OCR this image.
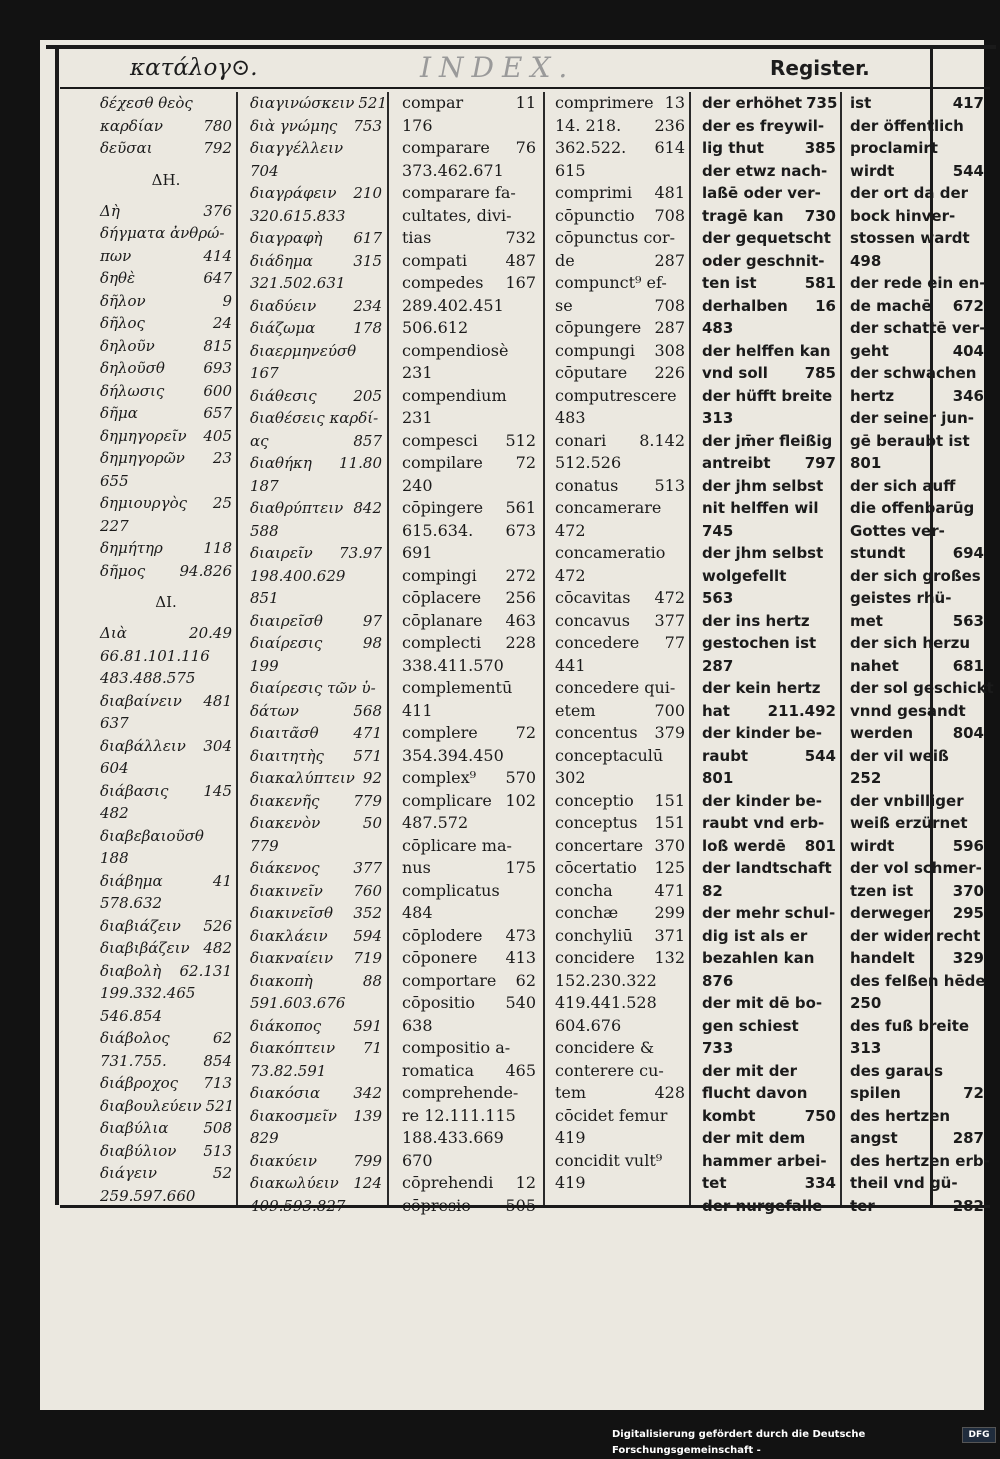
κατάλογ⊙.	INDEX.	Register.
δέχεσθ θεὸς
καρδίαν	780
δεῦσαι	792
ΔΗ.
Δὴ	376
δήγματα ἀνθρώ-
πων	414
δηθὲ	647
δῆλον	9
δῆλος	24
δηλοῦν	815
δηλοῦσθ	693
δήλωσις	600
δῆμα	657
δημηγορεῖν 405
δημηγορῶν 23
655
δημιουργὸς 25
227
δημήτηρ	118
δῆμος 94.826
ΔΙ.
Διὰ	20.49
66.81.101.116
483.488.575
διαβαίνειν 481
637
διαβάλλειν 304
604
διάβασις 145
482
διαβεβαιοῦσθ
188
διάβημα	41
578.632
διαβιάζειν 526
διαβιβάζειν 482
διαβολὴ 62.131
199.332.465
546.854
διάβολος	62
731.755. 854
διάβροχος 713
διαβουλεύειν 521
διαβύλια 508
διαβύλιον 513
διάγειν	52
259.597.660
διαγινώσκειν 521
διὰ γνώμης 753
διαγγέλλειν
704
διαγράφειν 210
320.615.833
διαγραφὴ 617
διάδημα	315
321.502.631
διαδύειν 234
διάζωμα	178
διαερμηνεύσθ
167
διάθεσις 205
διαθέσεις καρδί-
ας	857
διαθήκη 11.80
187
διαθρύπτειν 842
588
διαιρεῖν 73.97
198.400.629
851
διαιρεῖσθ	97
διαίρεσις	98
199
διαίρεσις τῶν ὑ-
δάτων	568
διαιτᾶσθ 471
διαιτητὴς 571
διακαλύπτειν 92
διακενῆς 779
διακενὸν	50
779
διάκενος 377
διακινεῖν 760
διακινεῖσθ 352
διακλάειν 594
διακναίειν 719
διακοπὴ	88
591.603.676
διάκοπος 591
διακόπτειν 71
73.82.591
διακόσια 342
διακοσμεῖν 139
829
διακύειν 799
διακωλύειν 124
409.593.827
compar	11
176
comparare 76
373.462.671
comparare fa-
cultates, divi-
tias	732
compati 487
compedes 167
289.402.451
506.612
compendiosè
231
compendium
231
compesci 512
compilare 72
240
cōpingere 561
615.634. 673
691
compingi 272
cōplacere 256
cōplanare 463
complecti 228
338.411.570
complementū
411
complere 72
354.394.450
complex⁹ 570
complicare 102
487.572
cōplicare ma-
nus	175
complicatus
484
cōplodere 473
cōponere 413
comportare 62
cōpositio 540
638
compositio a-
romatica 465
comprehende-
re 12.111.115
188.433.669
670
cōprehendi 12
cōpresio 505
comprimere 13
14. 218. 236
362.522. 614
615
comprimi 481
cōpunctio 708
cōpunctus cor-
de	287
compunct⁹ ef-
se	708
cōpungere 287
compungi 308
cōputare 226
computrescere
483
conari 8.142
512.526
conatus 513
concamerare
472
concameratio
472
cōcavitas 472
concavus 377
concedere 77
441
concedere qui-
etem	700
concentus 379
conceptaculū
302
conceptio 151
conceptus 151
concertare 370
cōcertatio 125
concha	471
conchæ 299
conchyliū 371
concidere 132
152.230.322
419.441.528
604.676
concidere &
conterere cu-
tem	428
cōcidet femur
419
concidit vult⁹
419
der erhöhet 735
der es freywil-
lig thut	385
der etwz nach-
laßē oder ver-
tragē kan 730
der gequetscht
oder geschnit-
ten ist	581
derhalben 16
483
der helffen kan
vnd soll 785
der hüfft breite
313
der jm̄er fleißig
antreibt 797
der jhm selbst
nit helffen wil
745
der jhm selbst
wolgefellt
563
der ins hertz
gestochen ist
287
der kein hertz
hat	211.492
der kinder be-
raubt	544
801
der kinder be-
raubt vnd erb-
loß werdē 801
der landtschaft
82
der mehr schul-
dig ist als er
bezahlen kan
876
der mit dē bo-
gen schiest
733
der mit der
flucht davon
kombt	750
der mit dem
hammer arbei-
tet	334
der nurgefalle
ist	417
der öffentlich
proclamirt
wirdt	544
der ort da der
bock hinver-
stossen wardt
498
der rede ein en-
de machē 672
der schattē ver-
geht	404
der schwachen
hertz	346
der seiner jun-
gē beraubt ist
801
der sich auff
die offenbarūg
Gottes ver-
stundt	694
der sich großes
geistes rhü-
met	563
der sich herzu
nahet	681
der sol geschickt
vnnd gesandt
werden	804
der vil weiß
252
der vnbilliger
weiß erzürnet
wirdt	596
der vol schmer-
tzen ist	370
derwegen 295
der wider recht
handelt	329
des felßen hēde
250
des fuß breite
313
des garaus
spilen	72
des hertzen
angst	287
des hertzen erb-
theil vnd gü-
ter	282
Digitalisierung gefördert durch die Deutsche Forschungsgemeinschaft -
DFG
